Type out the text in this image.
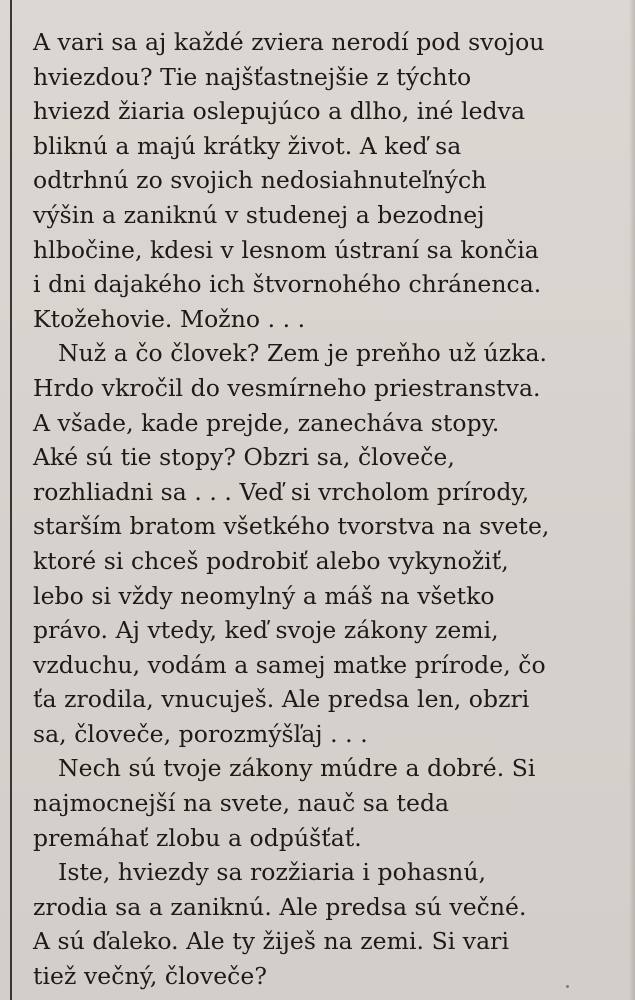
A vari sa aj každé zviera nerodí pod svojou
hviezdou? Tie najšťastnejšie z týchto
hviezd žiaria oslepujúco a dlho, iné ledva
bliknú a majú krátky život. A keď sa
odtrhnú zo svojich nedosiahnuteľných
výšin a zaniknú v studenej a bezodnej
hlbočine, kdesi v lesnom ústraní sa končia
i dni dajakého ich štvornohého chránenca.
Ktožehovie. Možno . . .

Nuž a čo človek? Zem je preňho už úzka.
Hrdo vkročil do vesmírneho priestranstva.
A všade, kade prejde, zanecháva stopy.
Aké sú tie stopy? Obzri sa, človeče,
rozhliadni sa . . . Veď si vrcholom prírody,
starším bratom všetkého tvorstva na svete,
ktoré si chceš podrobiť alebo vykynožiť,
lebo si vždy neomylný a máš na všetko
právo. Aj vtedy, keď svoje zákony zemi,
vzduchu, vodám a samej matke prírode, čo
ťa zrodila, vnucuješ. Ale predsa len, obzri
sa, človeče, porozmýšľaj . . .

Nech sú tvoje zákony múdre a dobré. Si
najmocnejší na svete, nauč sa teda
premáhať zlobu a odpúšťať.

Iste, hviezdy sa rozžiaria i pohasnú,
zrodia sa a zaniknú. Ale predsa sú večné.
A sú ďaleko. Ale ty žiješ na zemi. Si vari
tiež večný, človeče?
